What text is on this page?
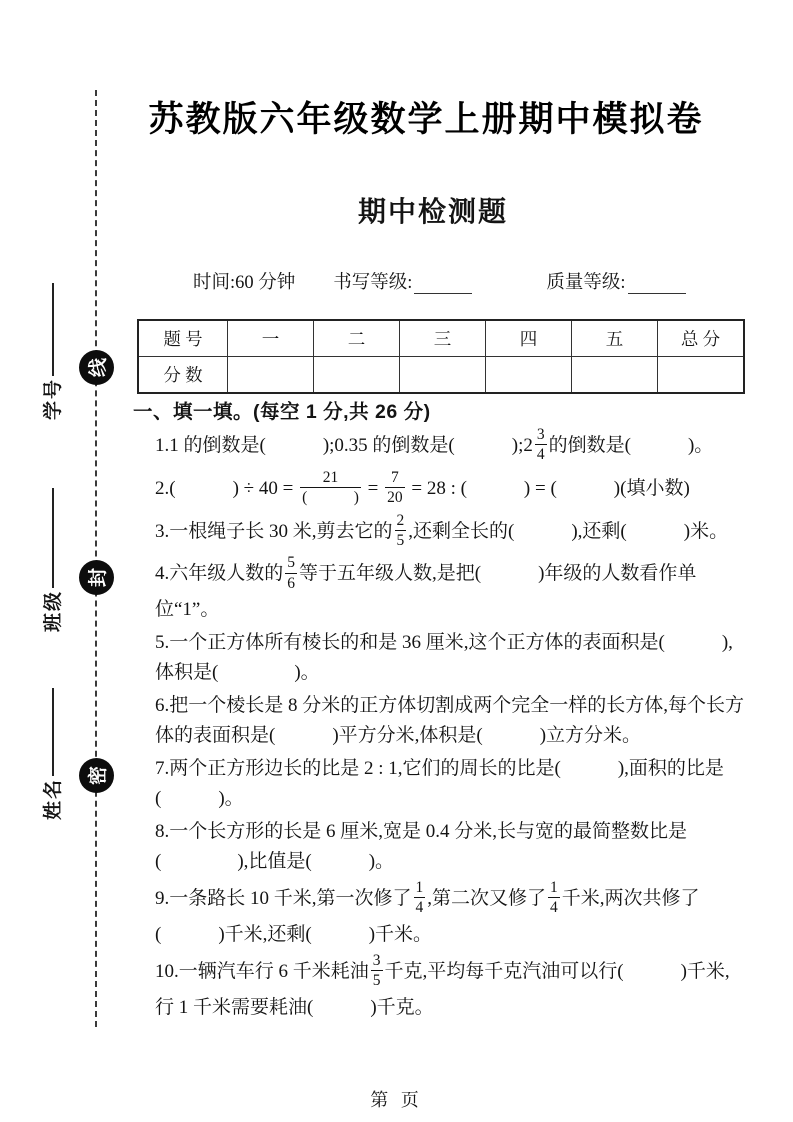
学号
班级
姓名
线
封
密
苏教版六年级数学上册期中模拟卷
期中检测题
时间:60 分钟 书写等级:	质量等级:
题 号	一	二	三	四	五	总 分
分 数						
一、填一填。(每空 1 分,共 26 分)
1.1 的倒数是(　　　);0.35 的倒数是(　　　);2 $\frac{3}{4}$ 的倒数是(　　　)。
2.(　　　) ÷ $40 = \frac{21}{( )} = \frac{7}{20} = 28$ : (　　　) = (　　　)(填小数)
3.一根绳子长 30 米,剪去它的 $\frac{2}{5}$ ,还剩全长的(　　　),还剩(　　　)米。
4.六年级人数的 $\frac{5}{6}$ 等于五年级人数,是把(　　　)年级的人数看作单
位“1”。
5.一个正方体所有棱长的和是 36 厘米,这个正方体的表面积是(　　　),
体积是(　　　　)。
6.把一个棱长是 8 分米的正方体切割成两个完全一样的长方体,每个长方
体的表面积是(　　　)平方分米,体积是(　　　)立方分米。
7.两个正方形边长的比是 2 : 1,它们的周长的比是(　　　),面积的比是
(　　　)。
8.一个长方形的长是 6 厘米,宽是 0.4 分米,长与宽的最简整数比是
(　　　　),比值是(　　　)。
9.一条路长 10 千米,第一次修了 $\frac{1}{4}$ ,第二次又修了 $\frac{1}{4}$ 千米,两次共修了
(　　　)千米,还剩(　　　)千米。
10.一辆汽车行 6 千米耗油 $\frac{3}{5}$ 千克,平均每千克汽油可以行(　　　)千米,
行 1 千米需要耗油(　　　)千克。
第 页
